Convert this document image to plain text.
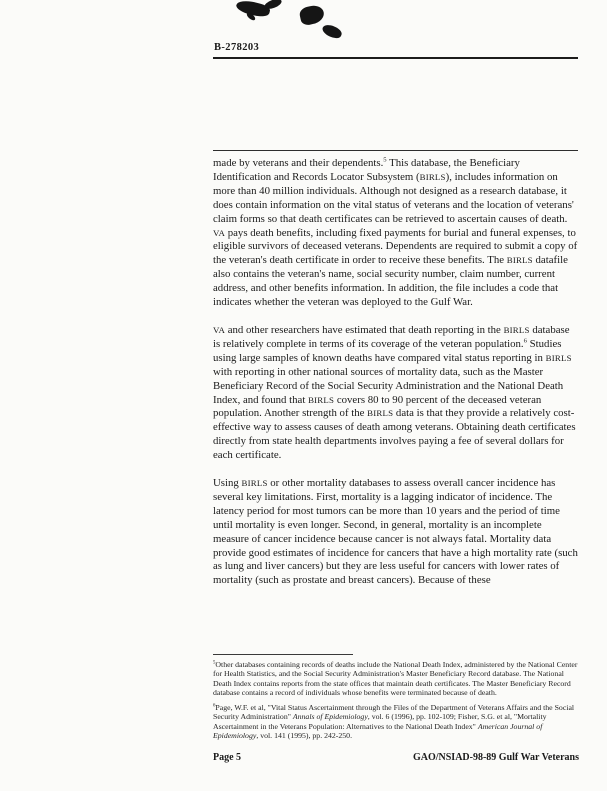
B-278203

made by veterans and their dependents.$^5$ This database, the Beneficiary Identification and Records Locator Subsystem (BIRLS), includes information on more than 40 million individuals. Although not designed as a research database, it does contain information on the vital status of veterans and the location of veterans' claim forms so that death certificates can be retrieved to ascertain causes of death. VA pays death benefits, including fixed payments for burial and funeral expenses, to eligible survivors of deceased veterans. Dependents are required to submit a copy of the veteran's death certificate in order to receive these benefits. The BIRLS datafile also contains the veteran's name, social security number, claim number, current address, and other benefits information. In addition, the file includes a code that indicates whether the veteran was deployed to the Gulf War.

VA and other researchers have estimated that death reporting in the BIRLS database is relatively complete in terms of its coverage of the veteran population.$^6$ Studies using large samples of known deaths have compared vital status reporting in BIRLS with reporting in other national sources of mortality data, such as the Master Beneficiary Record of the Social Security Administration and the National Death Index, and found that BIRLS covers 80 to 90 percent of the deceased veteran population. Another strength of the BIRLS data is that they provide a relatively cost-effective way to assess causes of death among veterans. Obtaining death certificates directly from state health departments involves paying a fee of several dollars for each certificate.

Using BIRLS or other mortality databases to assess overall cancer incidence has several key limitations. First, mortality is a lagging indicator of incidence. The latency period for most tumors can be more than 10 years and the period of time until mortality is even longer. Second, in general, mortality is an incomplete measure of cancer incidence because cancer is not always fatal. Mortality data provide good estimates of incidence for cancers that have a high mortality rate (such as lung and liver cancers) but they are less useful for cancers with lower rates of mortality (such as prostate and breast cancers). Because of these

$^5$Other databases containing records of deaths include the National Death Index, administered by the National Center for Health Statistics, and the Social Security Administration's Master Beneficiary Record database. The National Death Index contains reports from the state offices that maintain death certificates. The Master Beneficiary Record database contains a record of individuals whose benefits were terminated because of death.

$^6$Page, W.F. et al, "Vital Status Ascertainment through the Files of the Department of Veterans Affairs and the Social Security Administration" Annals of Epidemiology, vol. 6 (1996), pp. 102-109; Fisher, S.G. et al, "Mortality Ascertainment in the Veterans Population: Alternatives to the National Death Index" American Journal of Epidemiology, vol. 141 (1995), pp. 242-250.

Page 5	GAO/NSIAD-98-89 Gulf War Veterans
